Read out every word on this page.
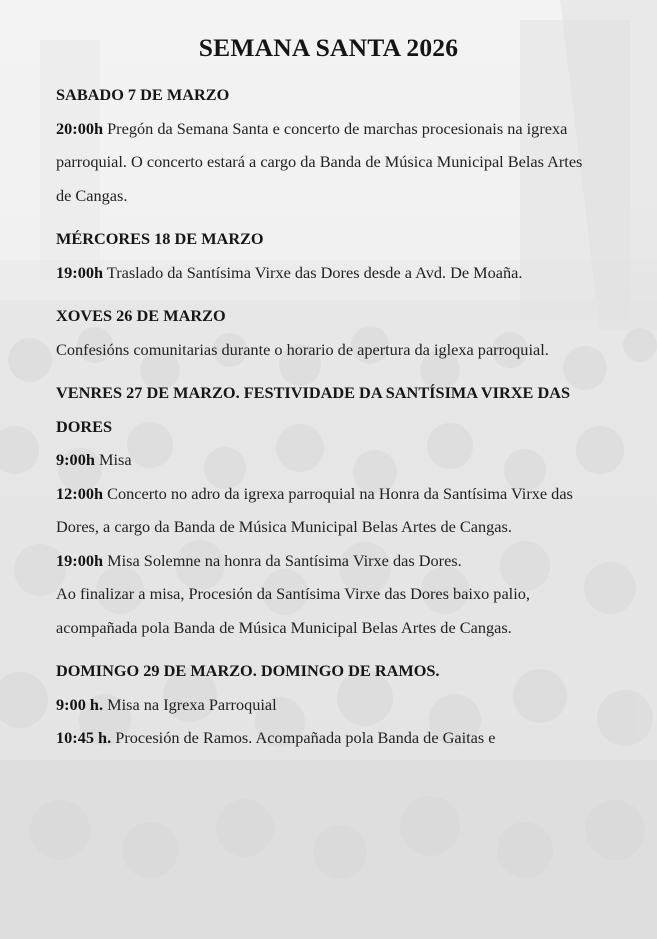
SEMANA SANTA 2026
SABADO 7 DE MARZO

20:00h Pregón da Semana Santa e concerto de marchas procesionais na igrexa parroquial. O concerto estará a cargo da Banda de Música Municipal Belas Artes de Cangas.

MÉRCORES 18 DE MARZO

19:00h Traslado da Santísima Virxe das Dores desde a Avd. De Moaña.

XOVES 26 DE MARZO

Confesións comunitarias durante o horario de apertura da iglexa parroquial.

VENRES 27 DE MARZO. FESTIVIDADE DA SANTÍSIMA VIRXE DAS DORES

9:00h Misa

12:00h Concerto no adro da igrexa parroquial na Honra da Santísima Virxe das Dores, a cargo da Banda de Música Municipal Belas Artes de Cangas.

19:00h Misa Solemne na honra da Santísima Virxe das Dores.

Ao finalizar a misa, Procesión da Santísima Virxe das Dores baixo palio, acompañada pola Banda de Música Municipal Belas Artes de Cangas.

DOMINGO 29 DE MARZO. DOMINGO DE RAMOS.

9:00 h. Misa na Igrexa Parroquial

10:45 h. Procesión de Ramos. Acompañada pola Banda de Gaitas e
